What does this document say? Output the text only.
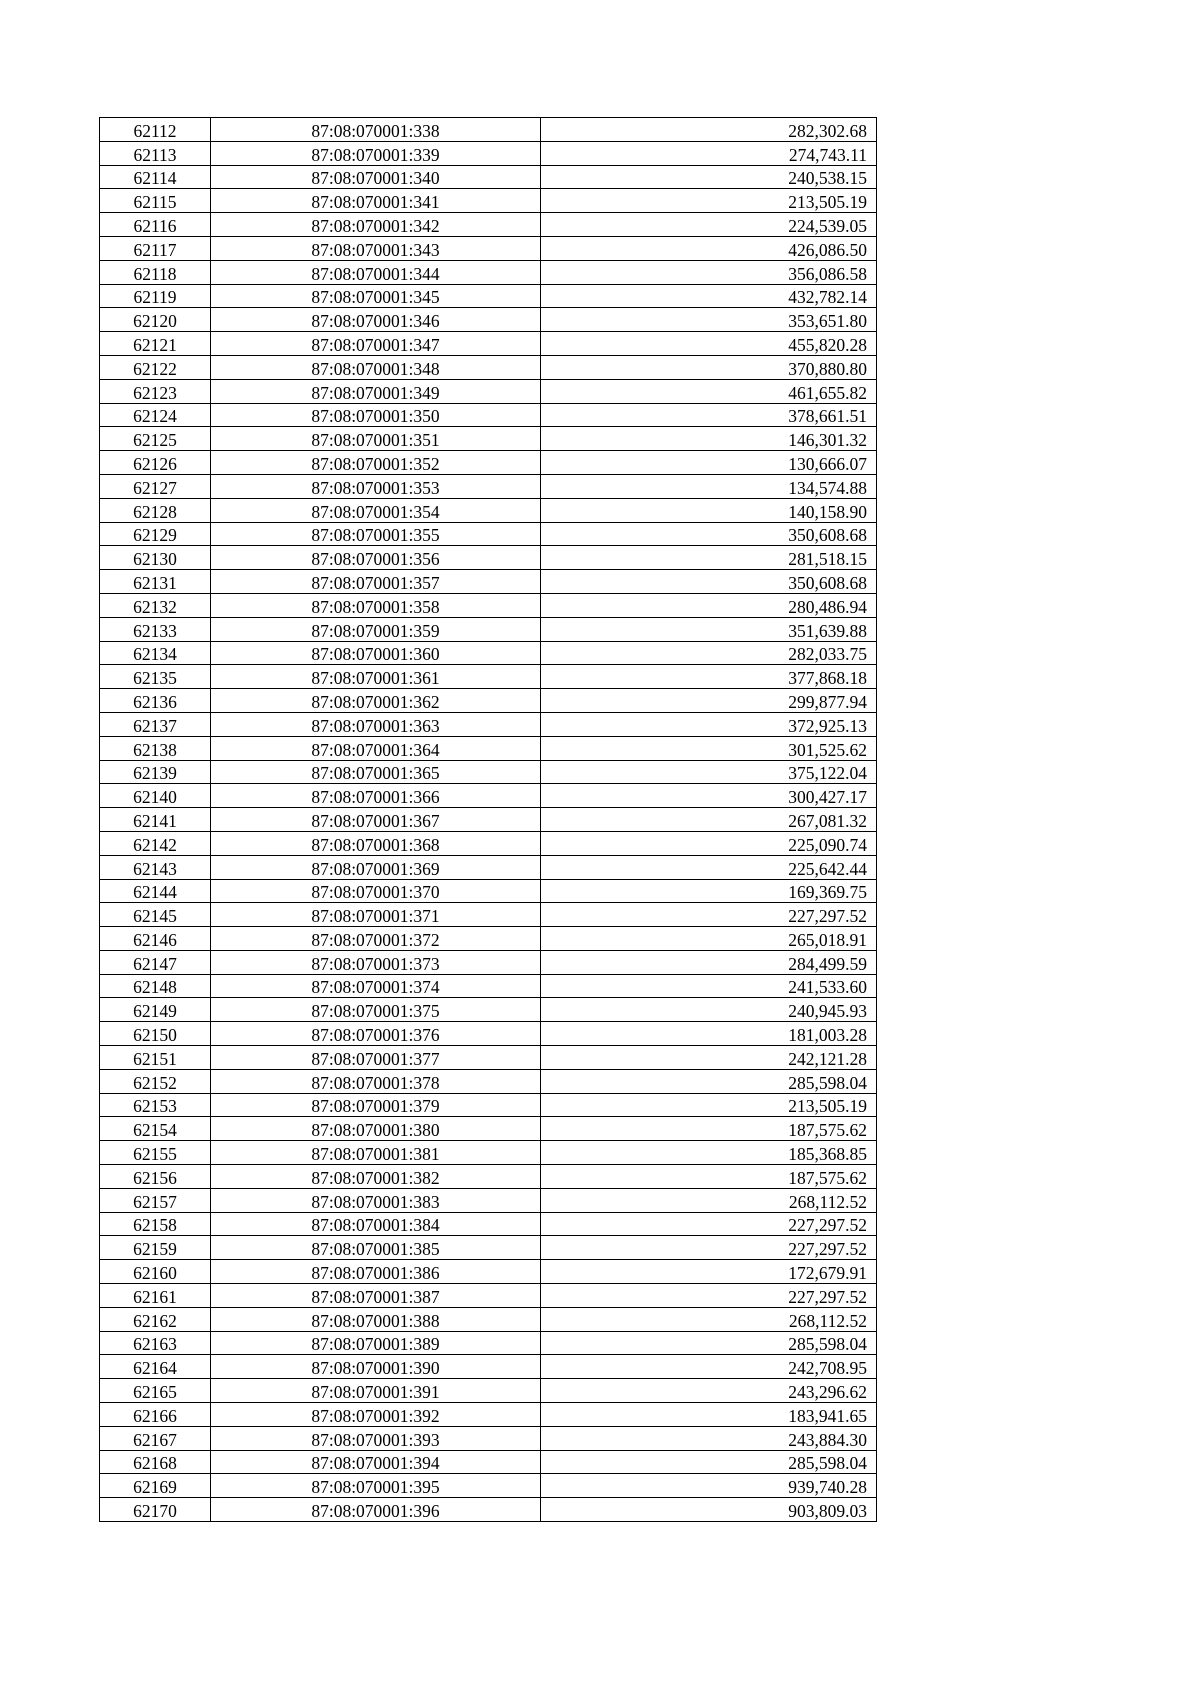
62112	87:08:070001:338	282,302.68
62113	87:08:070001:339	274,743.11
62114	87:08:070001:340	240,538.15
62115	87:08:070001:341	213,505.19
62116	87:08:070001:342	224,539.05
62117	87:08:070001:343	426,086.50
62118	87:08:070001:344	356,086.58
62119	87:08:070001:345	432,782.14
62120	87:08:070001:346	353,651.80
62121	87:08:070001:347	455,820.28
62122	87:08:070001:348	370,880.80
62123	87:08:070001:349	461,655.82
62124	87:08:070001:350	378,661.51
62125	87:08:070001:351	146,301.32
62126	87:08:070001:352	130,666.07
62127	87:08:070001:353	134,574.88
62128	87:08:070001:354	140,158.90
62129	87:08:070001:355	350,608.68
62130	87:08:070001:356	281,518.15
62131	87:08:070001:357	350,608.68
62132	87:08:070001:358	280,486.94
62133	87:08:070001:359	351,639.88
62134	87:08:070001:360	282,033.75
62135	87:08:070001:361	377,868.18
62136	87:08:070001:362	299,877.94
62137	87:08:070001:363	372,925.13
62138	87:08:070001:364	301,525.62
62139	87:08:070001:365	375,122.04
62140	87:08:070001:366	300,427.17
62141	87:08:070001:367	267,081.32
62142	87:08:070001:368	225,090.74
62143	87:08:070001:369	225,642.44
62144	87:08:070001:370	169,369.75
62145	87:08:070001:371	227,297.52
62146	87:08:070001:372	265,018.91
62147	87:08:070001:373	284,499.59
62148	87:08:070001:374	241,533.60
62149	87:08:070001:375	240,945.93
62150	87:08:070001:376	181,003.28
62151	87:08:070001:377	242,121.28
62152	87:08:070001:378	285,598.04
62153	87:08:070001:379	213,505.19
62154	87:08:070001:380	187,575.62
62155	87:08:070001:381	185,368.85
62156	87:08:070001:382	187,575.62
62157	87:08:070001:383	268,112.52
62158	87:08:070001:384	227,297.52
62159	87:08:070001:385	227,297.52
62160	87:08:070001:386	172,679.91
62161	87:08:070001:387	227,297.52
62162	87:08:070001:388	268,112.52
62163	87:08:070001:389	285,598.04
62164	87:08:070001:390	242,708.95
62165	87:08:070001:391	243,296.62
62166	87:08:070001:392	183,941.65
62167	87:08:070001:393	243,884.30
62168	87:08:070001:394	285,598.04
62169	87:08:070001:395	939,740.28
62170	87:08:070001:396	903,809.03
